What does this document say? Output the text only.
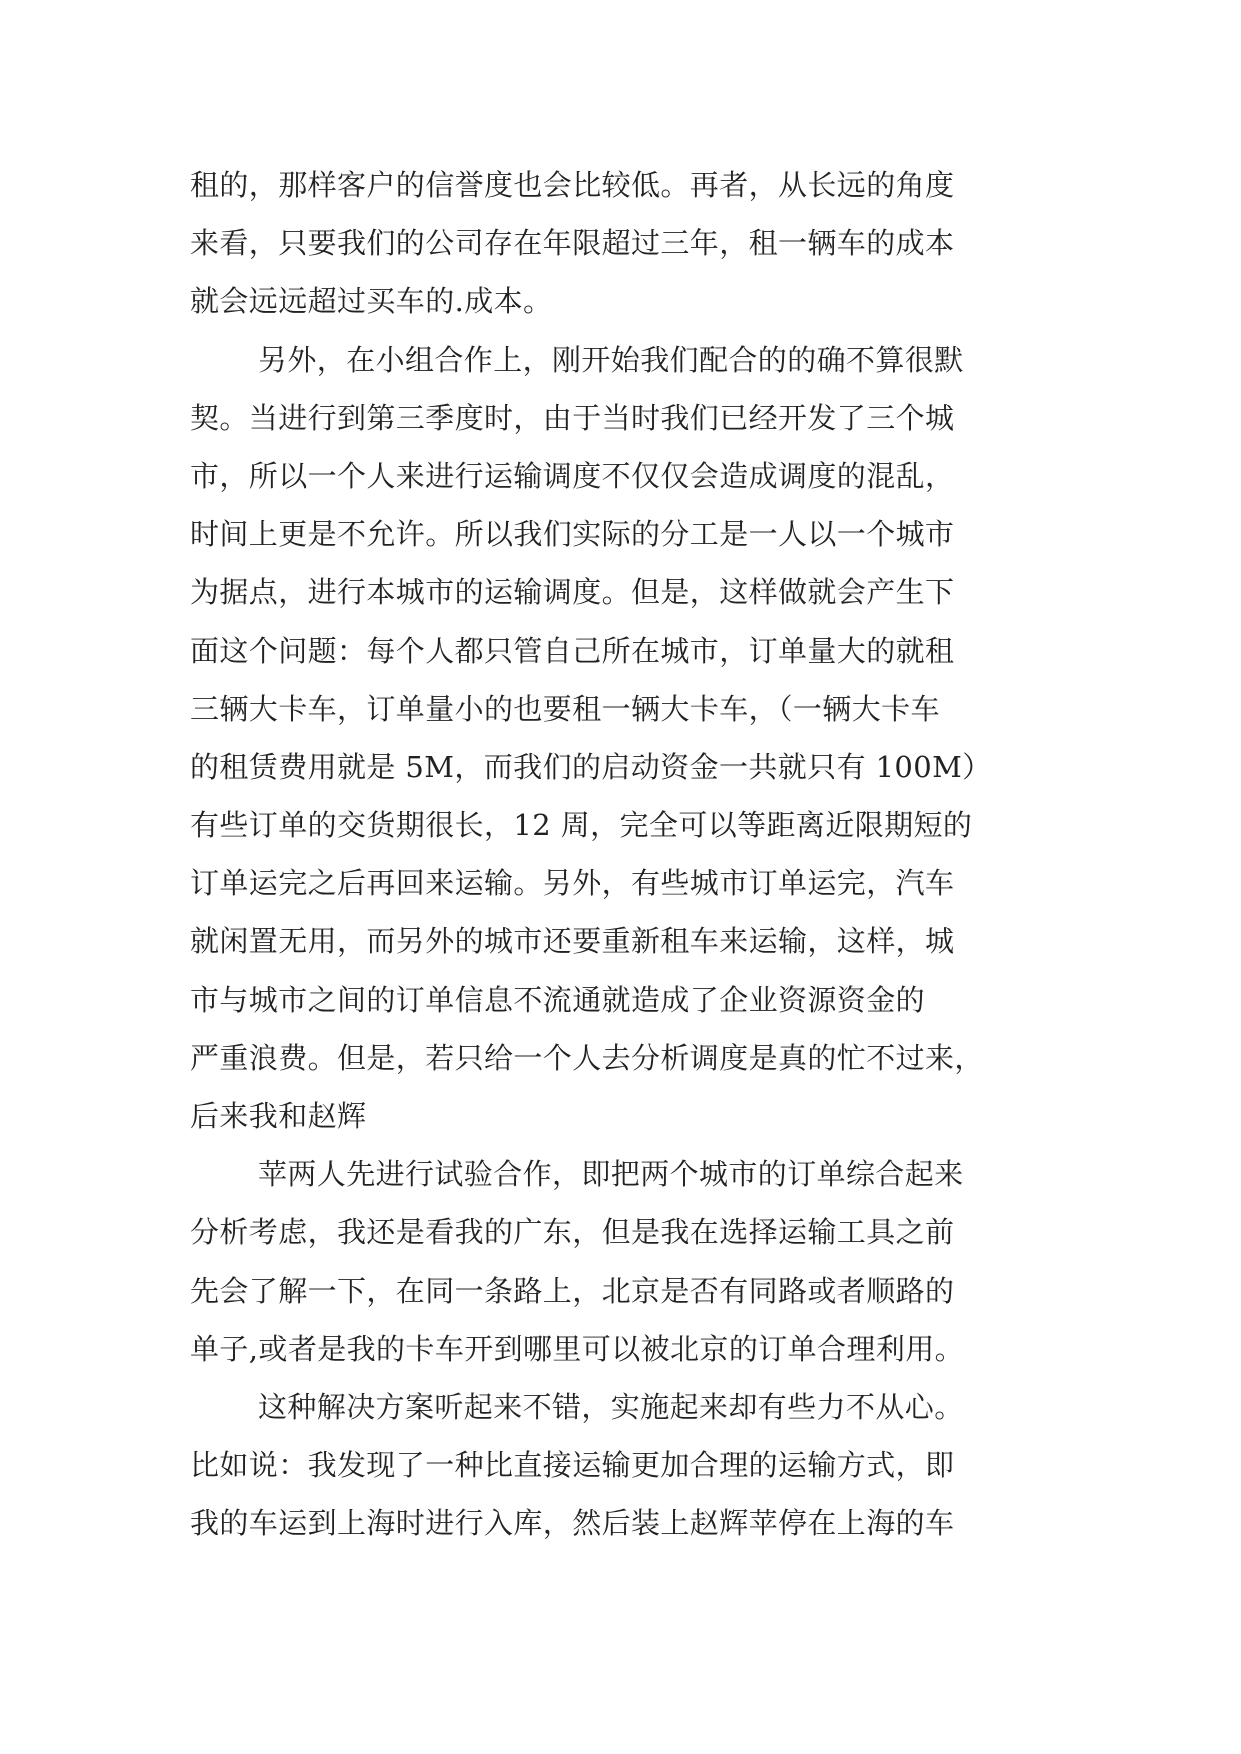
租的，那样客户的信誉度也会比较低。再者，从长远的角度
来看，只要我们的公司存在年限超过三年，租一辆车的成本
就会远远超过买车的.成本。
另外，在小组合作上，刚开始我们配合的的确不算很默
契。当进行到第三季度时，由于当时我们已经开发了三个城
市，所以一个人来进行运输调度不仅仅会造成调度的混乱，
时间上更是不允许。所以我们实际的分工是一人以一个城市
为据点，进行本城市的运输调度。但是，这样做就会产生下
面这个问题：每个人都只管自己所在城市，订单量大的就租
三辆大卡车，订单量小的也要租一辆大卡车，（一辆大卡车
的租赁费用就是 5M，而我们的启动资金一共就只有 100M）
有些订单的交货期很长，12 周，完全可以等距离近限期短的
订单运完之后再回来运输。另外，有些城市订单运完，汽车
就闲置无用，而另外的城市还要重新租车来运输，这样，城
市与城市之间的订单信息不流通就造成了企业资源资金的
严重浪费。但是，若只给一个人去分析调度是真的忙不过来，
后来我和赵辉
苹两人先进行试验合作，即把两个城市的订单综合起来
分析考虑，我还是看我的广东，但是我在选择运输工具之前
先会了解一下，在同一条路上，北京是否有同路或者顺路的
单子,或者是我的卡车开到哪里可以被北京的订单合理利用。
这种解决方案听起来不错，实施起来却有些力不从心。
比如说：我发现了一种比直接运输更加合理的运输方式，即
我的车运到上海时进行入库，然后装上赵辉苹停在上海的车
